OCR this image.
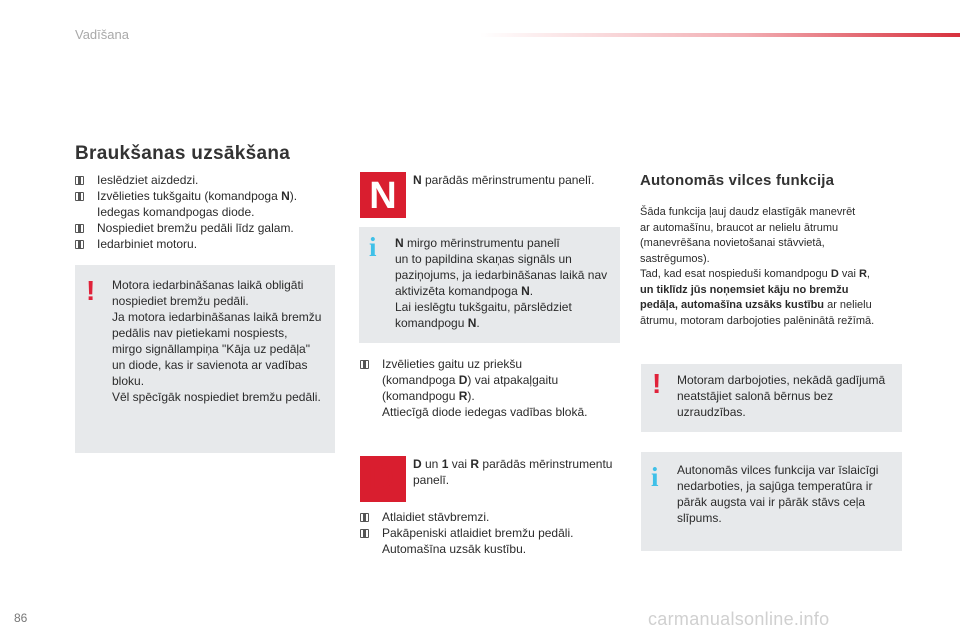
Vadīšana
Braukšanas uzsākšana
Ieslēdziet aizdedzi.
Izvēlieties tukšgaitu (komandpoga N).
Iedegas komandpogas diode.
Nospiediet bremžu pedāli līdz galam.
Iedarbiniet motoru.
! Motora iedarbināšanas laikā obligāti
nospiediet bremžu pedāli.
Ja motora iedarbināšanas laikā bremžu
pedālis nav pietiekami nospiests,
mirgo signāllampiņa "Kāja uz pedāļa"
un diode, kas ir savienota ar vadības
bloku.
Vēl spēcīgāk nospiediet bremžu pedāli.
N	N parādās mērinstrumentu panelī.
i N mirgo mērinstrumentu panelī
un to papildina skaņas signāls un
paziņojums, ja iedarbināšanas laikā nav
aktivizēta komandpoga N.
Lai ieslēgtu tukšgaitu, pārslēdziet
komandpogu N.
Izvēlieties gaitu uz priekšu
(komandpoga D) vai atpakaļgaitu
(komandpogu R).
Attiecīgā diode iedegas vadības blokā.
D	D un 1 vai R parādās mērinstrumentu
panelī.
Atlaidiet stāvbremzi.
Pakāpeniski atlaidiet bremžu pedāli.
Automašīna uzsāk kustību.
Autonomās vilces funkcija
Šāda funkcija ļauj daudz elastīgāk manevrēt
ar automašīnu, braucot ar nelielu ātrumu
(manevrēšana novietošanai stāvvietā,
sastrēgumos).
Tad, kad esat nospieduši komandpogu D vai R,
un tiklīdz jūs noņemsiet kāju no bremžu
pedāļa, automašīna uzsāks kustību ar nelielu
ātrumu, motoram darbojoties palēninātā režīmā.
! Motoram darbojoties, nekādā gadījumā
neatstājiet salonā bērnus bez
uzraudzības.
i Autonomās vilces funkcija var īslaicīgi
nedarboties, ja sajūga temperatūra ir
pārāk augsta vai ir pārāk stāvs ceļa
slīpums.
86	carmanualsonline.info
